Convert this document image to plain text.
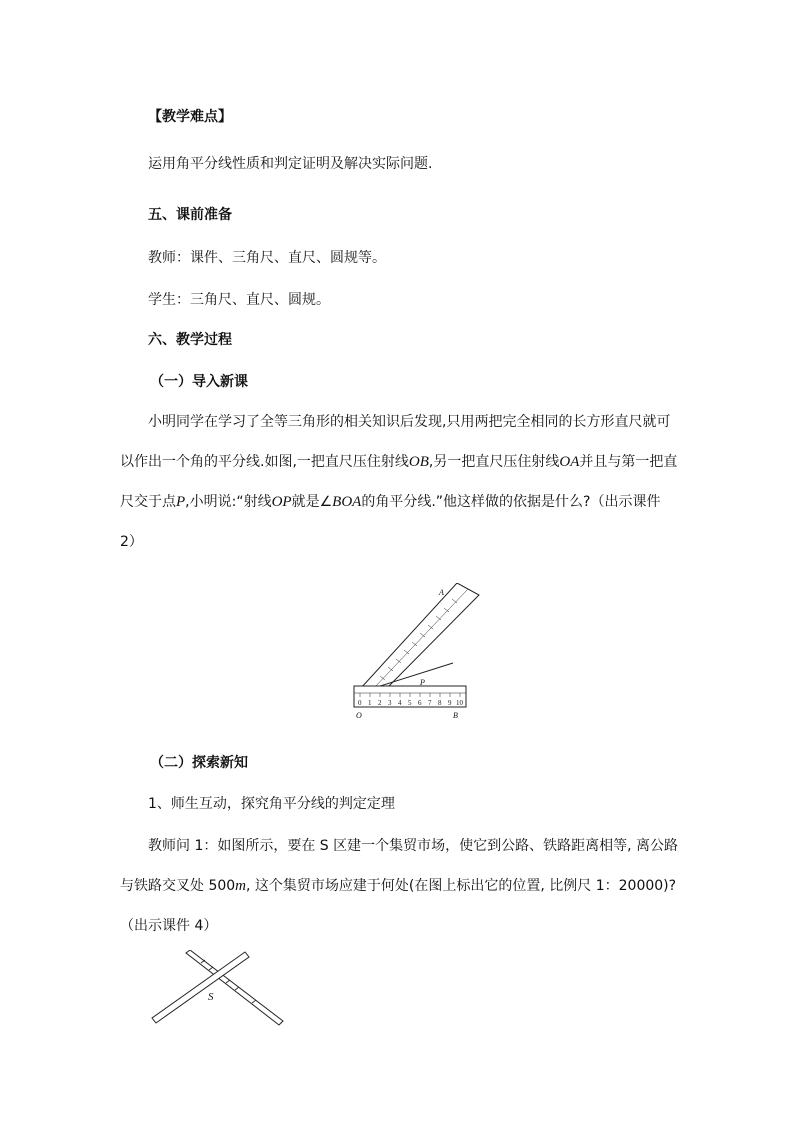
【教学难点】
运用角平分线性质和判定证明及解决实际问题.
五、课前准备
教师：课件、三角尺、直尺、圆规等。
学生：三角尺、直尺、圆规。
六、教学过程
（一）导入新课
小明同学在学习了全等三角形的相关知识后发现,只用两把完全相同的长方形直尺就可以作出一个角的平分线.如图,一把直尺压住射线OB,另一把直尺压住射线OA并且与第一把直尺交于点P,小明说:“射线OP就是∠BOA的角平分线.”他这样做的依据是什么?（出示课件 2）
0 1 2 3 4 5 6 7 8 9 10
A
P
O	B
（二）探索新知
1、师生互动，探究角平分线的判定定理
教师问 1：如图所示，要在 S 区建一个集贸市场，使它到公路、铁路距离相等, 离公路与铁路交叉处 500m, 这个集贸市场应建于何处(在图上标出它的位置, 比例尺 1：20000)? （出示课件 4）
S
